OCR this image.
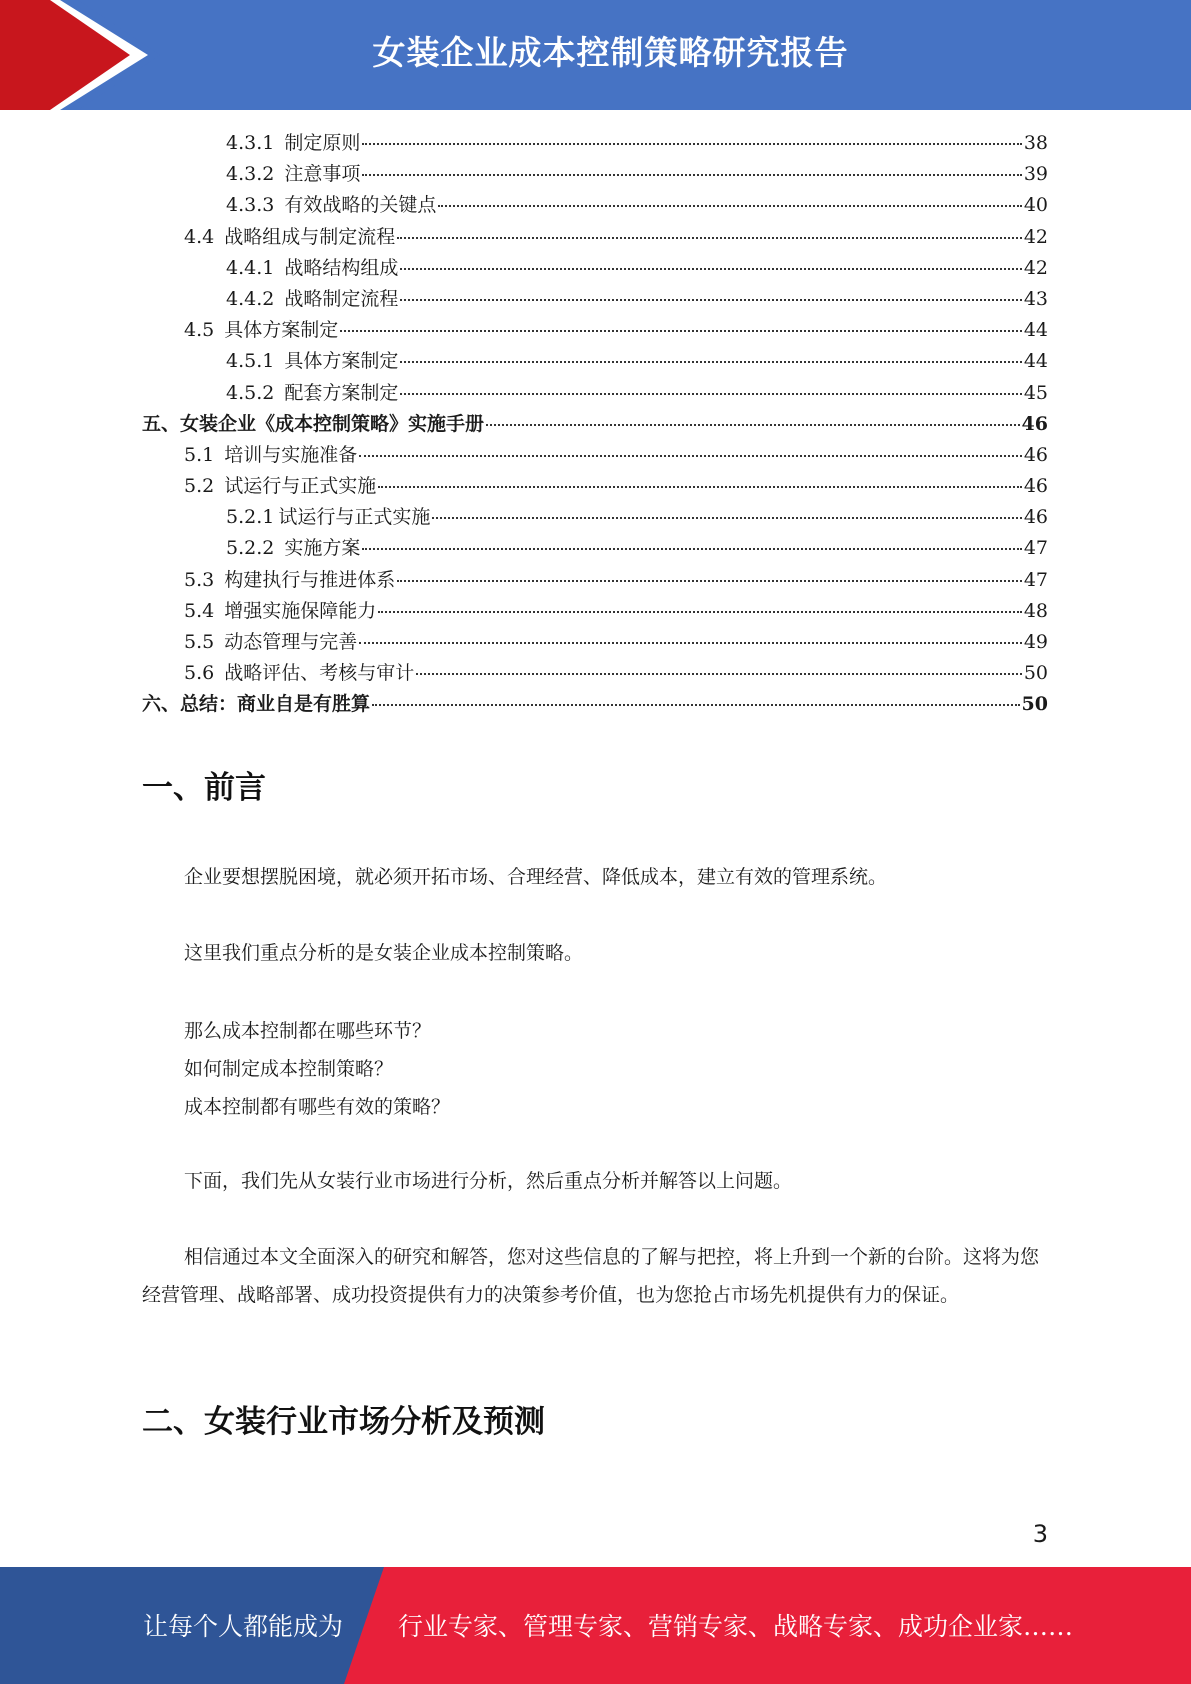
女装企业成本控制策略研究报告
4.3.1 制定原则	38
4.3.2 注意事项	39
4.3.3 有效战略的关键点	40
4.4 战略组成与制定流程	42
4.4.1 战略结构组成	42
4.4.2 战略制定流程	43
4.5 具体方案制定	44
4.5.1 具体方案制定	44
4.5.2 配套方案制定	45
五、女装企业《成本控制策略》实施手册	46
5.1 培训与实施准备	46
5.2 试运行与正式实施	46
5.2.1 试运行与正式实施	46
5.2.2 实施方案	47
5.3 构建执行与推进体系	47
5.4 增强实施保障能力	48
5.5 动态管理与完善	49
5.6 战略评估、考核与审计	50
六、总结：商业自是有胜算	50
一、前言
企业要想摆脱困境，就必须开拓市场、合理经营、降低成本，建立有效的管理系统。
这里我们重点分析的是女装企业成本控制策略。
那么成本控制都在哪些环节？
如何制定成本控制策略？
成本控制都有哪些有效的策略？
下面，我们先从女装行业市场进行分析，然后重点分析并解答以上问题。
相信通过本文全面深入的研究和解答，您对这些信息的了解与把控，将上升到一个新的台阶。这将为您经营管理、战略部署、成功投资提供有力的决策参考价值，也为您抢占市场先机提供有力的保证。
二、女装行业市场分析及预测
3
让每个人都能成为 行业专家、管理专家、营销专家、战略专家、成功企业家……
